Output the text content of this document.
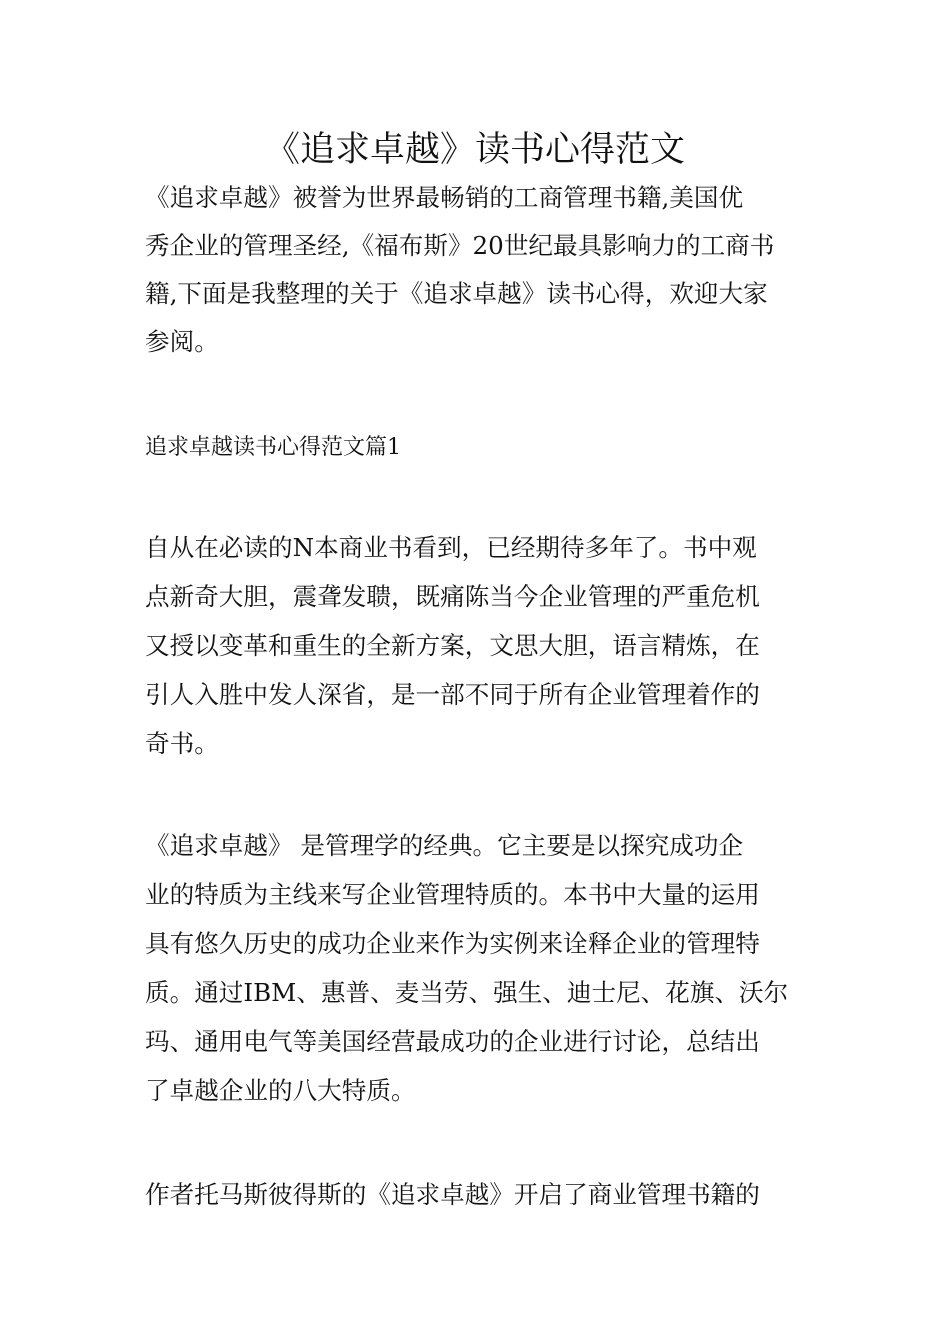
《追求卓越》读书心得范文

《追求卓越》被誉为世界最畅销的工商管理书籍,美国优

秀企业的管理圣经,《福布斯》20世纪最具影响力的工商书

籍,下面是我整理的关于《追求卓越》读书心得，欢迎大家

参阅。

追求卓越读书心得范文篇1

自从在必读的N本商业书看到，已经期待多年了。书中观

点新奇大胆，震聋发聩，既痛陈当今企业管理的严重危机

又授以变革和重生的全新方案，文思大胆，语言精炼，在

引人入胜中发人深省，是一部不同于所有企业管理着作的

奇书。

《追求卓越》 是管理学的经典。它主要是以探究成功企

业的特质为主线来写企业管理特质的。本书中大量的运用

具有悠久历史的成功企业来作为实例来诠释企业的管理特

质。通过IBM、惠普、麦当劳、强生、迪士尼、花旗、沃尔

玛、通用电气等美国经营最成功的企业进行讨论，总结出

了卓越企业的八大特质。

作者托马斯彼得斯的《追求卓越》开启了商业管理书籍的
